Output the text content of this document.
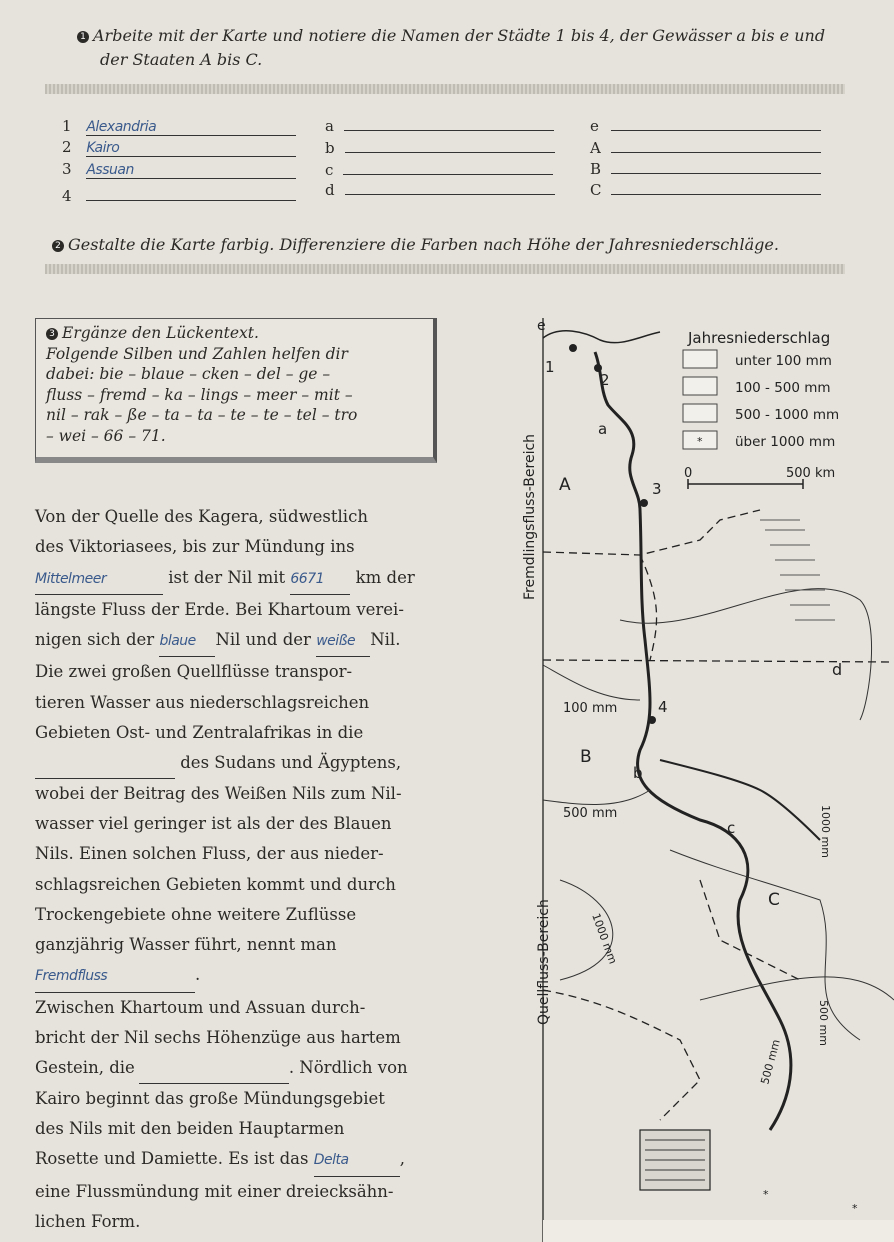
1 Arbeite mit der Karte und notiere die Namen der Städte 1 bis 4, der Gewässer a bis e und
der Staaten A bis C.
1 Alexandria
2 Kairo
3 Assuan
4
a
b
c
d
e
A
B
C
2 Gestalte die Karte farbig. Differenziere die Farben nach Höhe der Jahresniederschläge.
3 Ergänze den Lückentext.
Folgende Silben und Zahlen helfen dir
dabei: bie – blaue – cken – del – ge –
fluss – fremd – ka – lings – meer – mit –
nil – rak – ße – ta – ta – te – te – tel – tro
– wei – 66 – 71.
Von der Quelle des Kagera, südwestlich
des Viktoriasees, bis zur Mündung ins
Mittelmeer	ist der Nil mit 6671 km der
längste Fluss der Erde. Bei Khartoum verei-
nigen sich der blaue Nil und der weiße Nil.
Die zwei großen Quellflüsse transpor-
tieren Wasser aus niederschlagsreichen
Gebieten Ost- und Zentralafrikas in die
des Sudans und Ägyptens,
wobei der Beitrag des Weißen Nils zum Nil-
wasser viel geringer ist als der des Blauen
Nils. Einen solchen Fluss, der aus nieder-
schlagsreichen Gebieten kommt und durch
Trockengebiete ohne weitere Zuflüsse
ganzjährig Wasser führt, nennt man
Fremdfluss	.
Zwischen Khartoum und Assuan durch-
bricht der Nil sechs Höhenzüge aus hartem
Gestein, die	. Nördlich von
Kairo beginnt das große Mündungsgebiet
des Nils mit den beiden Hauptarmen
Rosette und Damiette. Es ist das Delta	,
eine Flussmündung mit einer dreiecksähn-
lichen Form.
Jahresniederschlag
unter 100 mm
100 - 500 mm
500 - 1000 mm
über 1000 mm
*
0	500 km
e
1
2
a
A	3
d
100 mm	4
B
b
500 mm
c
C
*
*
Fremdlingsfluss-Bereich
Quellfluss-Bereich
1000 mm
1000 mm
500 mm
500 mm
